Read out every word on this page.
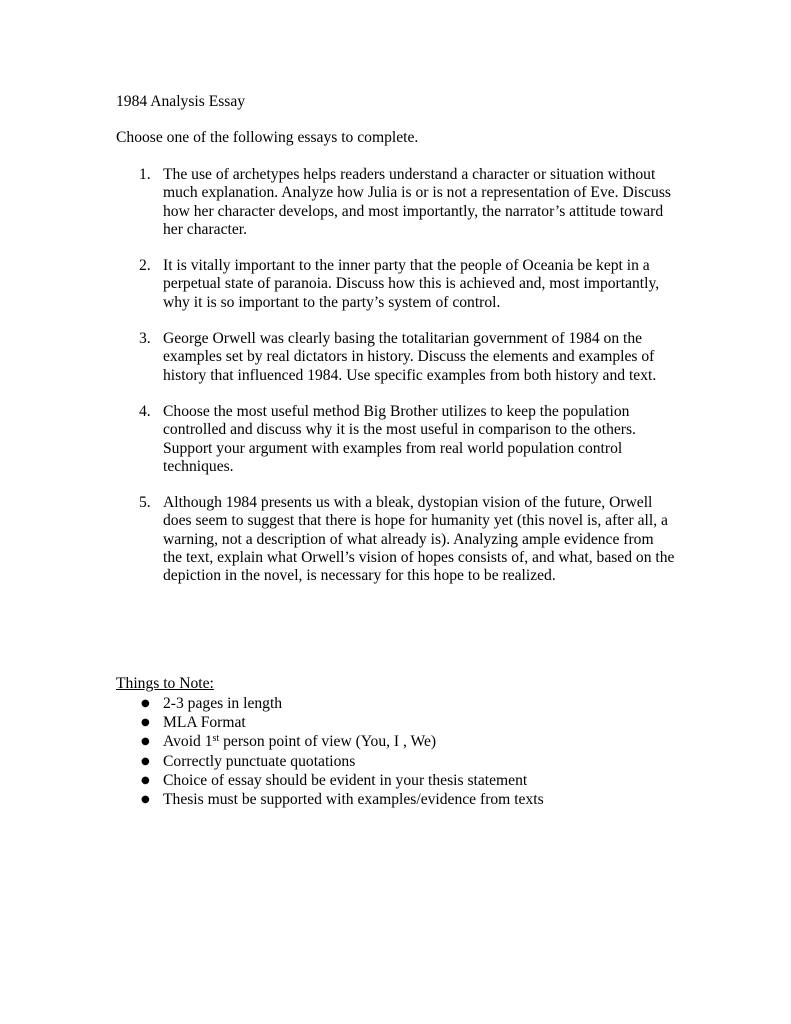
1984 Analysis Essay
Choose one of the following essays to complete.
1. The use of archetypes helps readers understand a character or situation without much explanation. Analyze how Julia is or is not a representation of Eve. Discuss how her character develops, and most importantly, the narrator’s attitude toward her character.
2. It is vitally important to the inner party that the people of Oceania be kept in a perpetual state of paranoia. Discuss how this is achieved and, most importantly, why it is so important to the party’s system of control.
3. George Orwell was clearly basing the totalitarian government of 1984 on the examples set by real dictators in history. Discuss the elements and examples of history that influenced 1984. Use specific examples from both history and text.
4. Choose the most useful method Big Brother utilizes to keep the population controlled and discuss why it is the most useful in comparison to the others. Support your argument with examples from real world population control techniques.
5. Although 1984 presents us with a bleak, dystopian vision of the future, Orwell does seem to suggest that there is hope for humanity yet (this novel is, after all, a warning, not a description of what already is). Analyzing ample evidence from the text, explain what Orwell’s vision of hopes consists of, and what, based on the depiction in the novel, is necessary for this hope to be realized.
Things to Note:
● 2-3 pages in length
● MLA Format
● Avoid 1st person point of view (You, I , We)
● Correctly punctuate quotations
● Choice of essay should be evident in your thesis statement
● Thesis must be supported with examples/evidence from texts
